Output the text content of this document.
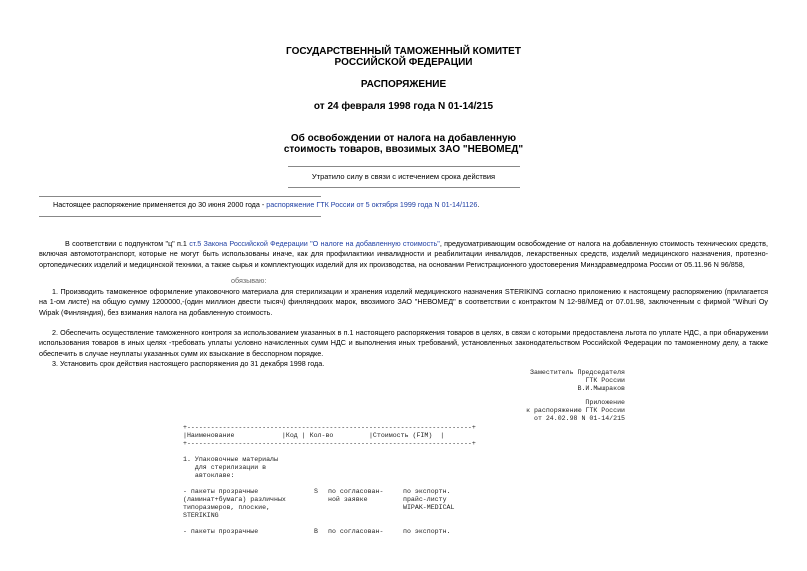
ГОСУДАРСТВЕННЫЙ ТАМОЖЕННЫЙ КОМИТЕТ
РОССИЙСКОЙ ФЕДЕРАЦИИ
РАСПОРЯЖЕНИЕ
от 24 февраля 1998 года N 01-14/215
Об освобождении от налога на добавленную
стоимость товаров, ввозимых ЗАО "НЕВОМЕД"
Утратило силу в связи с истечением срока действия
Настоящее распоряжение применяется до 30 июня 2000 года - распоряжение ГТК России от 5 октября 1999 года N 01-14/1126.
В соответствии с подпунктом "ц" п.1 ст.5 Закона Российской Федерации "О налоге на добавленную стоимость", предусматривающим освобождение от налога на добавленную стоимость технических средств, включая автомототранспорт, которые не могут быть использованы иначе, как для профилактики инвалидности и реабилитации инвалидов, лекарственных средств, изделий медицинского назначения, протезно-ортопедических изделий и медицинской техники, а также сырья и комплектующих изделий для их производства, на основании Регистрационного удостоверения Минздравмедпрома России от 05.11.96 N 96/858,
обязываю:
1. Производить таможенное оформление упаковочного материала для стерилизации и хранения изделий медицинского назначения STERIKING согласно приложению к настоящему распоряжению (прилагается на 1-ом листе) на общую сумму 1200000,-(один миллион двести тысяч) финляндских марок, ввозимого ЗАО "НЕВОМЕД" в соответствии с контрактом N 12-98/МЕД от 07.01.98, заключенным с фирмой "Wihuri Oy Wipak (Финляндия), без взимания налога на добавленную стоимость.
2. Обеспечить осуществление таможенного контроля за использованием указанных в п.1 настоящего распоряжения товаров в целях, в связи с которыми предоставлена льгота по уплате НДС, а при обнаружении использования товаров в иных целях -требовать уплаты условно начисленных сумм НДС и выполнения иных требований, установленных законодательством Российской Федерации по таможенному делу, а также обеспечить в случае неуплаты указанных сумм их взыскание в бесспорном порядке.
3. Установить срок действия настоящего распоряжения до 31 декабря 1998 года.
Заместитель Председателя
ГТК России
В.И.Мышраков
Приложение
к распоряжению ГТК России
от 24.02.98 N 01-14/215
+------------------------------------------------------------------------+
|Наименование            |Код | Кол-во         |Стоимость (FIM)  |
+------------------------------------------------------------------------+
1. Упаковочные материалы
для стерилизации в
автоклаве:
- пакеты прозрачные
(ламинат+бумага) различных
типоразмеров, плоские,
STERIKING
S по согласован-
ной заявке
по экспортн.
прайс-листу
WIPAK-MEDICAL
- пакеты прозрачные	B по согласован-	по экспортн.
